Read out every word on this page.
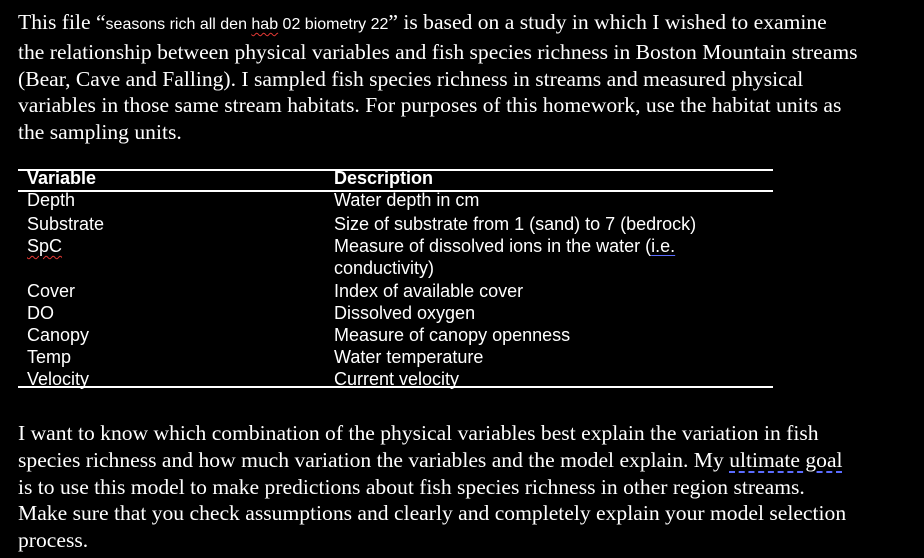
This file “seasons rich all den hab 02 biometry 22” is based on a study in which I wished to examine
the relationship between physical variables and fish species richness in Boston Mountain streams
(Bear, Cave and Falling). I sampled fish species richness in streams and measured physical
variables in those same stream habitats. For purposes of this homework, use the habitat units as
the sampling units.
Variable	Description
Depth	Water depth in cm
Substrate	Size of substrate from 1 (sand) to 7 (bedrock)
SpC	Measure of dissolved ions in the water (i.e.
conductivity)
Cover	Index of available cover
DO	Dissolved oxygen
Canopy	Measure of canopy openness
Temp	Water temperature
Velocity	Current velocity
I want to know which combination of the physical variables best explain the variation in fish
species richness and how much variation the variables and the model explain. My ultimate goal
is to use this model to make predictions about fish species richness in other region streams.
Make sure that you check assumptions and clearly and completely explain your model selection
process.
